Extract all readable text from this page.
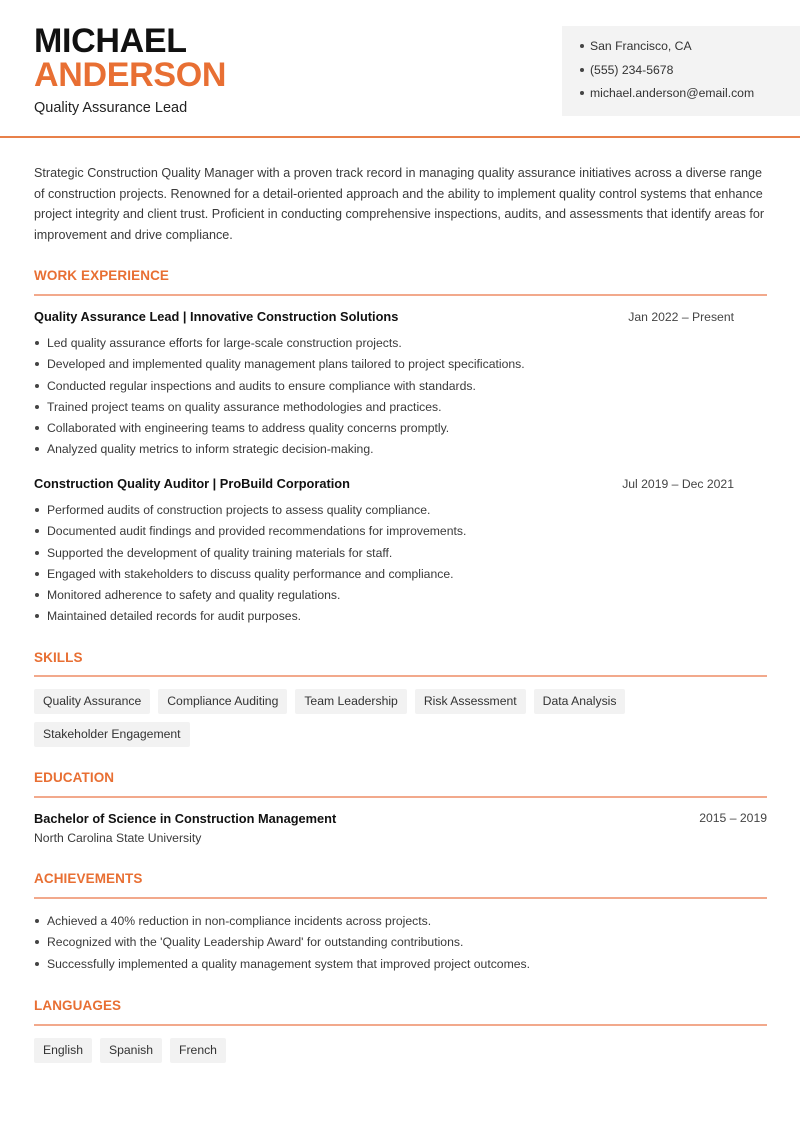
MICHAEL
ANDERSON
Quality Assurance Lead
San Francisco, CA
(555) 234-5678
michael.anderson@email.com

Strategic Construction Quality Manager with a proven track record in managing quality assurance initiatives across a diverse range of construction projects. Renowned for a detail-oriented approach and the ability to implement quality control systems that enhance project integrity and client trust. Proficient in conducting comprehensive inspections, audits, and assessments that identify areas for improvement and drive compliance.

WORK EXPERIENCE
Quality Assurance Lead | Innovative Construction Solutions	Jan 2022 – Present
Led quality assurance efforts for large-scale construction projects.
Developed and implemented quality management plans tailored to project specifications.
Conducted regular inspections and audits to ensure compliance with standards.
Trained project teams on quality assurance methodologies and practices.
Collaborated with engineering teams to address quality concerns promptly.
Analyzed quality metrics to inform strategic decision-making.
Construction Quality Auditor | ProBuild Corporation	Jul 2019 – Dec 2021
Performed audits of construction projects to assess quality compliance.
Documented audit findings and provided recommendations for improvements.
Supported the development of quality training materials for staff.
Engaged with stakeholders to discuss quality performance and compliance.
Monitored adherence to safety and quality regulations.
Maintained detailed records for audit purposes.
SKILLS
Quality Assurance	Compliance Auditing	Team Leadership	Risk Assessment	Data Analysis
Stakeholder Engagement
EDUCATION
Bachelor of Science in Construction Management	2015 – 2019
North Carolina State University
ACHIEVEMENTS
Achieved a 40% reduction in non-compliance incidents across projects.
Recognized with the 'Quality Leadership Award' for outstanding contributions.
Successfully implemented a quality management system that improved project outcomes.
LANGUAGES
English	Spanish	French
